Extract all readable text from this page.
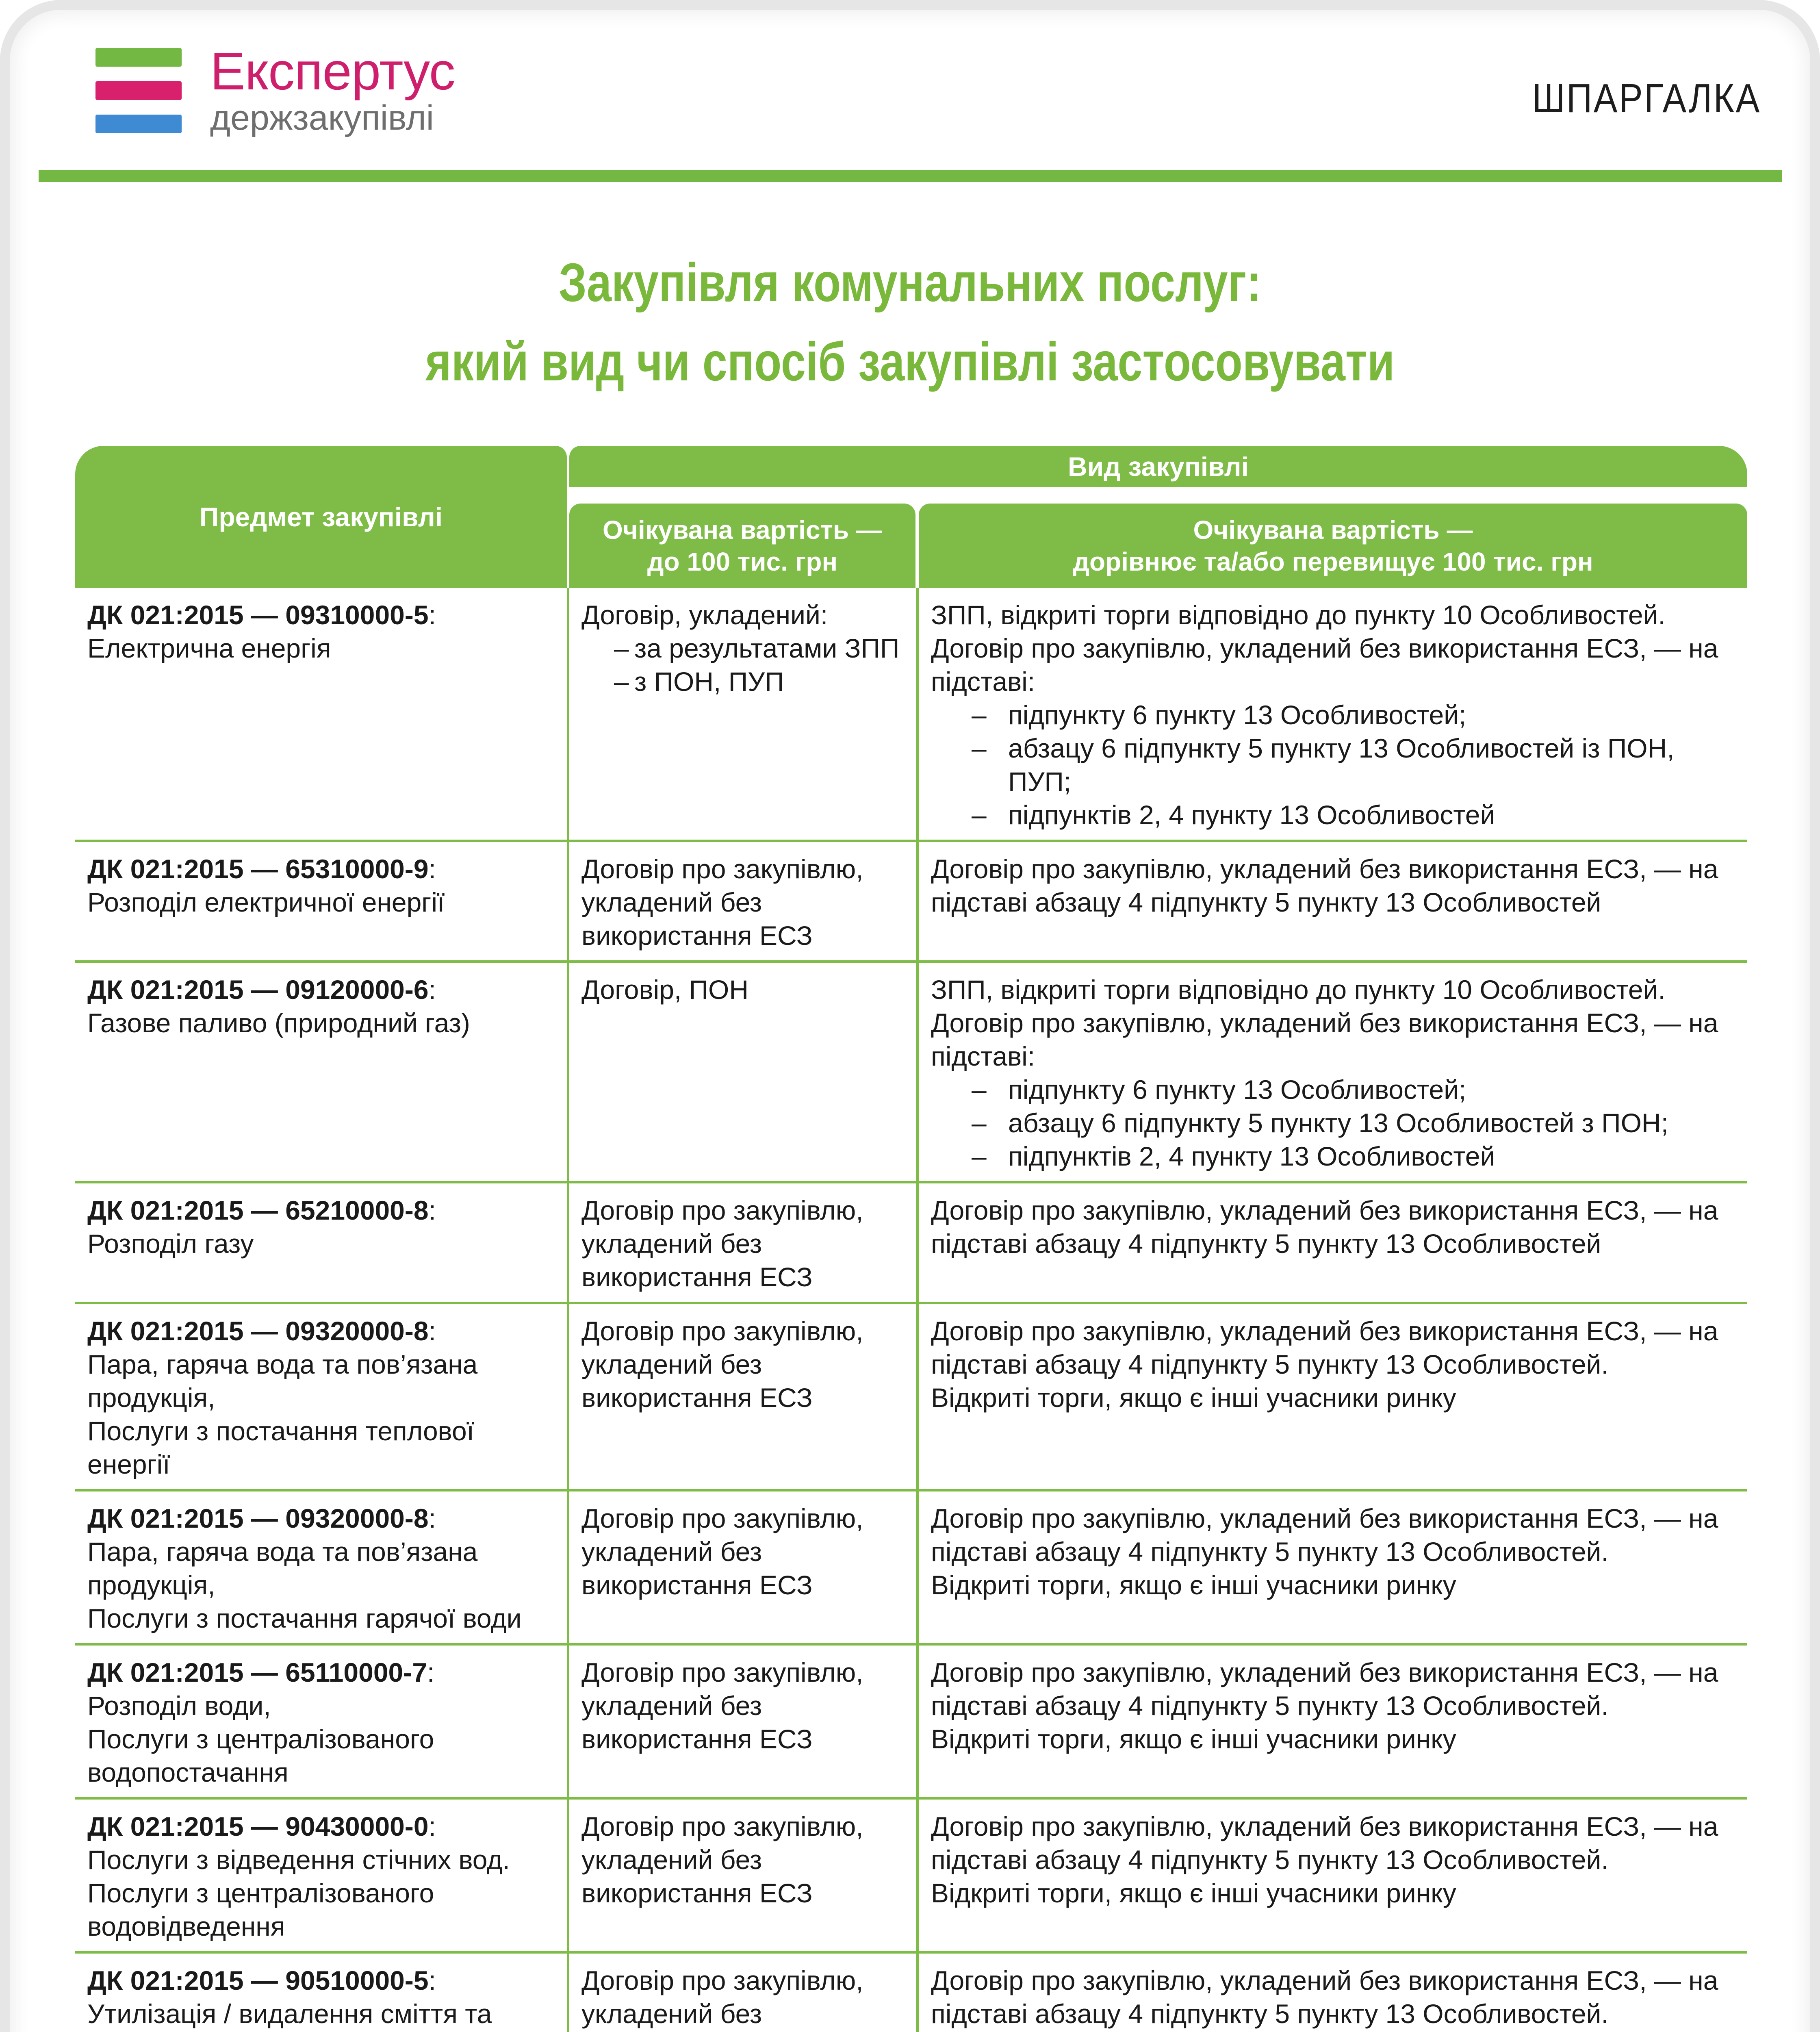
Експертус
держзакупівлі	ШПАРГАЛКА
Закупівля комунальних послуг:
який вид чи спосіб закупівлі застосовувати
Предмет закупівлі
Вид закупівлі
Очікувана вартість —
до 100 тис. грн
Очікувана вартість —
дорівнює та/або перевищує 100 тис. грн
ДК 021:2015 — 09310000-5:
Електрична енергія
Договір, укладений:
– за результатами ЗПП
– з ПОН, ПУП
ЗПП, відкриті торги відповідно до пункту 10 Особливостей.
Договір про закупівлю, укладений без використання ЕСЗ, — на підставі:
– підпункту 6 пункту 13 Особливостей;
– абзацу 6 підпункту 5 пункту 13 Особливостей із ПОН, ПУП;
– підпунктів 2, 4 пункту 13 Особливостей
ДК 021:2015 — 65310000-9:
Розподіл електричної енергії
Договір про закупівлю, укладений без використання ЕСЗ
Договір про закупівлю, укладений без використання ЕСЗ, — на підставі абзацу 4 підпункту 5 пункту 13 Особливостей
ДК 021:2015 — 09120000-6:
Газове паливо (природний газ)
Договір, ПОН	ЗПП, відкриті торги відповідно до пункту 10 Особливостей.
Договір про закупівлю, укладений без використання ЕСЗ, — на підставі:
– підпункту 6 пункту 13 Особливостей;
– абзацу 6 підпункту 5 пункту 13 Особливостей з ПОН;
– підпунктів 2, 4 пункту 13 Особливостей
ДК 021:2015 — 65210000-8:
Розподіл газу
Договір про закупівлю, укладений без використання ЕСЗ
Договір про закупівлю, укладений без використання ЕСЗ, — на підставі абзацу 4 підпункту 5 пункту 13 Особливостей
ДК 021:2015 — 09320000-8:
Пара, гаряча вода та пов’язана продукція,
Послуги з постачання теплової енергії
Договір про закупівлю, укладений без використання ЕСЗ
Договір про закупівлю, укладений без використання ЕСЗ, — на підставі абзацу 4 підпункту 5 пункту 13 Особливостей.
Відкриті торги, якщо є інші учасники ринку
ДК 021:2015 — 09320000-8:
Пара, гаряча вода та пов’язана продукція,
Послуги з постачання гарячої води
Договір про закупівлю, укладений без використання ЕСЗ
Договір про закупівлю, укладений без використання ЕСЗ, — на підставі абзацу 4 підпункту 5 пункту 13 Особливостей.
Відкриті торги, якщо є інші учасники ринку
ДК 021:2015 — 65110000-7:
Розподіл води,
Послуги з централізованого водопостачання
Договір про закупівлю, укладений без використання ЕСЗ
Договір про закупівлю, укладений без використання ЕСЗ, — на підставі абзацу 4 підпункту 5 пункту 13 Особливостей.
Відкриті торги, якщо є інші учасники ринку
ДК 021:2015 — 90430000-0:
Послуги з відведення стічних вод.
Послуги з централізованого водовідведення
Договір про закупівлю, укладений без використання ЕСЗ
Договір про закупівлю, укладений без використання ЕСЗ, — на підставі абзацу 4 підпункту 5 пункту 13 Особливостей.
Відкриті торги, якщо є інші учасники ринку
ДК 021:2015 — 90510000-5:
Утилізація / видалення сміття та
Договір про закупівлю, укладений без
Договір про закупівлю, укладений без використання ЕСЗ, — на підставі абзацу 4 підпункту 5 пункту 13 Особливостей.
